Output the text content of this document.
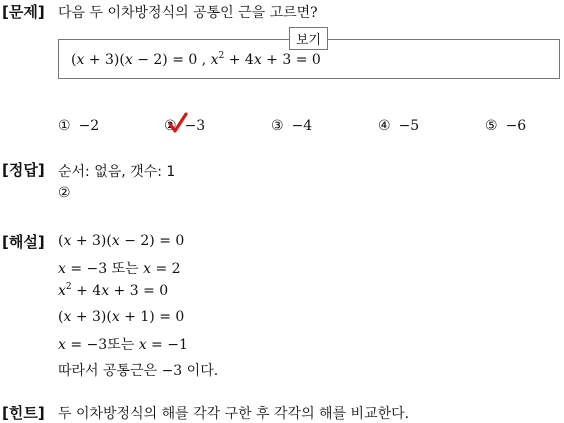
[문제] 다음 두 이차방정식의 공통인 근을 고르면?
보기
(x + 3)(x − 2) = 0 , $x^2 + 4x + 3 = 0$
① −2	② −3	③ −4	④ −5	⑤ −6
[정답] 순서: 없음, 갯수: 1
②
[해설] (x + 3)(x − 2) = 0
x = −3 또는 x = 2
$x^2 + 4x + 3 = 0$
(x + 3)(x + 1) = 0
x = −3또는 x = −1
따라서 공통근은 −3 이다.
[힌트] 두 이차방정식의 해를 각각 구한 후 각각의 해를 비교한다.
